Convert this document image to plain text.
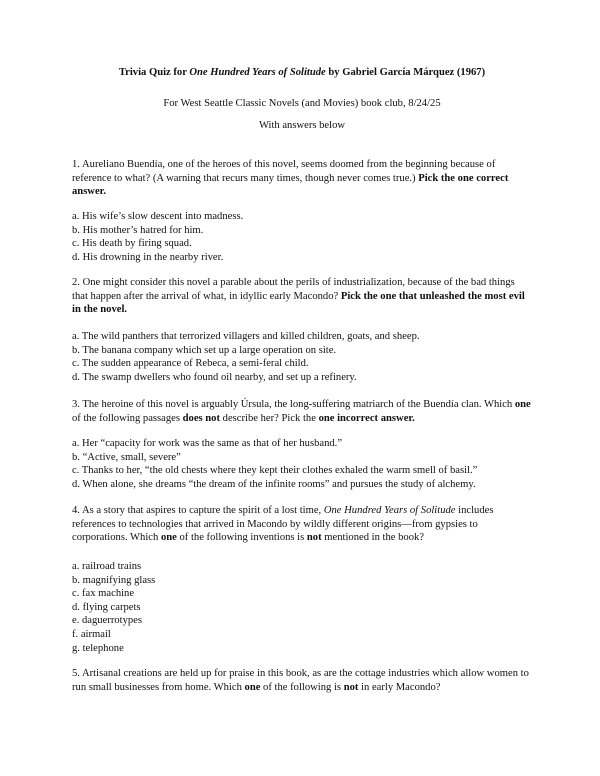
Trivia Quiz for One Hundred Years of Solitude by Gabriel García Márquez (1967)

For West Seattle Classic Novels (and Movies) book club, 8/24/25

With answers below

1. Aureliano Buendía, one of the heroes of this novel, seems doomed from the beginning because of reference to what? (A warning that recurs many times, though never comes true.) Pick the one correct answer.

a. His wife’s slow descent into madness.
b. His mother’s hatred for him.
c. His death by firing squad.
d. His drowning in the nearby river.

2. One might consider this novel a parable about the perils of industrialization, because of the bad things that happen after the arrival of what, in idyllic early Macondo? Pick the one that unleashed the most evil in the novel.

a. The wild panthers that terrorized villagers and killed children, goats, and sheep.
b. The banana company which set up a large operation on site.
c. The sudden appearance of Rebeca, a semi-feral child.
d. The swamp dwellers who found oil nearby, and set up a refinery.

3. The heroine of this novel is arguably Úrsula, the long-suffering matriarch of the Buendía clan. Which one of the following passages does not describe her? Pick the one incorrect answer.

a. Her “capacity for work was the same as that of her husband.”
b. “Active, small, severe”
c. Thanks to her, “the old chests where they kept their clothes exhaled the warm smell of basil.”
d. When alone, she dreams “the dream of the infinite rooms” and pursues the study of alchemy.

4. As a story that aspires to capture the spirit of a lost time, One Hundred Years of Solitude includes references to technologies that arrived in Macondo by wildly different origins—from gypsies to corporations. Which one of the following inventions is not mentioned in the book?

a. railroad trains
b. magnifying glass
c. fax machine
d. flying carpets
e. daguerrotypes
f. airmail
g. telephone

5. Artisanal creations are held up for praise in this book, as are the cottage industries which allow women to run small businesses from home. Which one of the following is not in early Macondo?
